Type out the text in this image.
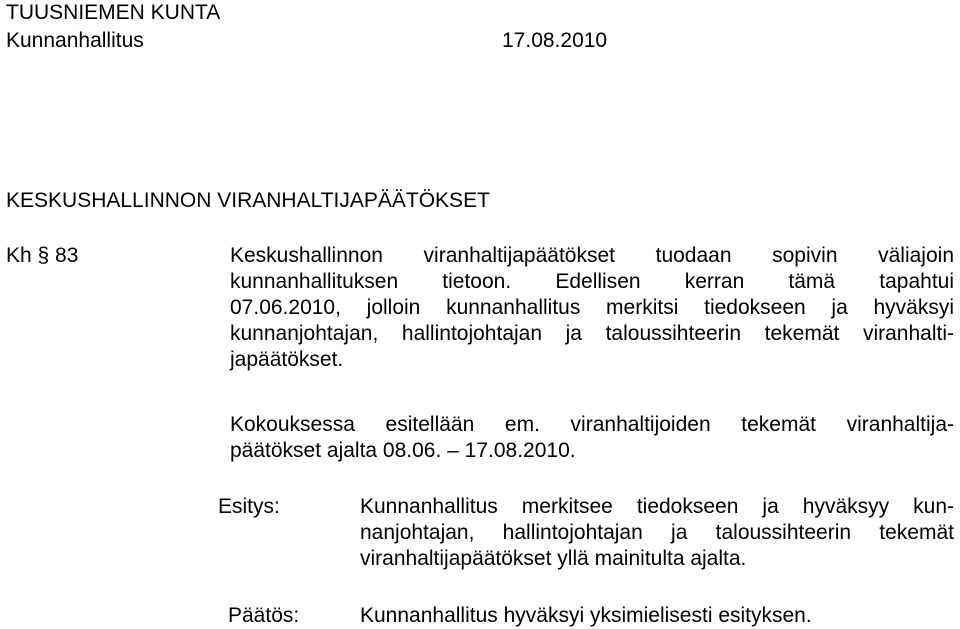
TUUSNIEMEN KUNTA
Kunnanhallitus	17.08.2010
KESKUSHALLINNON VIRANHALTIJAPÄÄTÖKSET
Kh § 83	Keskushallinnon viranhaltijapäätökset tuodaan sopivin väliajoin
kunnanhallituksen tietoon. Edellisen kerran tämä tapahtui
07.06.2010, jolloin kunnanhallitus merkitsi tiedokseen ja hyväksyi
kunnanjohtajan, hallintojohtajan ja taloussihteerin tekemät viranhalti-
japäätökset.
Kokouksessa esitellään em. viranhaltijoiden tekemät viranhaltija-
päätökset ajalta 08.06. – 17.08.2010.
Esitys:	Kunnanhallitus merkitsee tiedokseen ja hyväksyy kun-
nanjohtajan, hallintojohtajan ja taloussihteerin tekemät
viranhaltijapäätökset yllä mainitulta ajalta.
Päätös:	Kunnanhallitus hyväksyi yksimielisesti esityksen.
